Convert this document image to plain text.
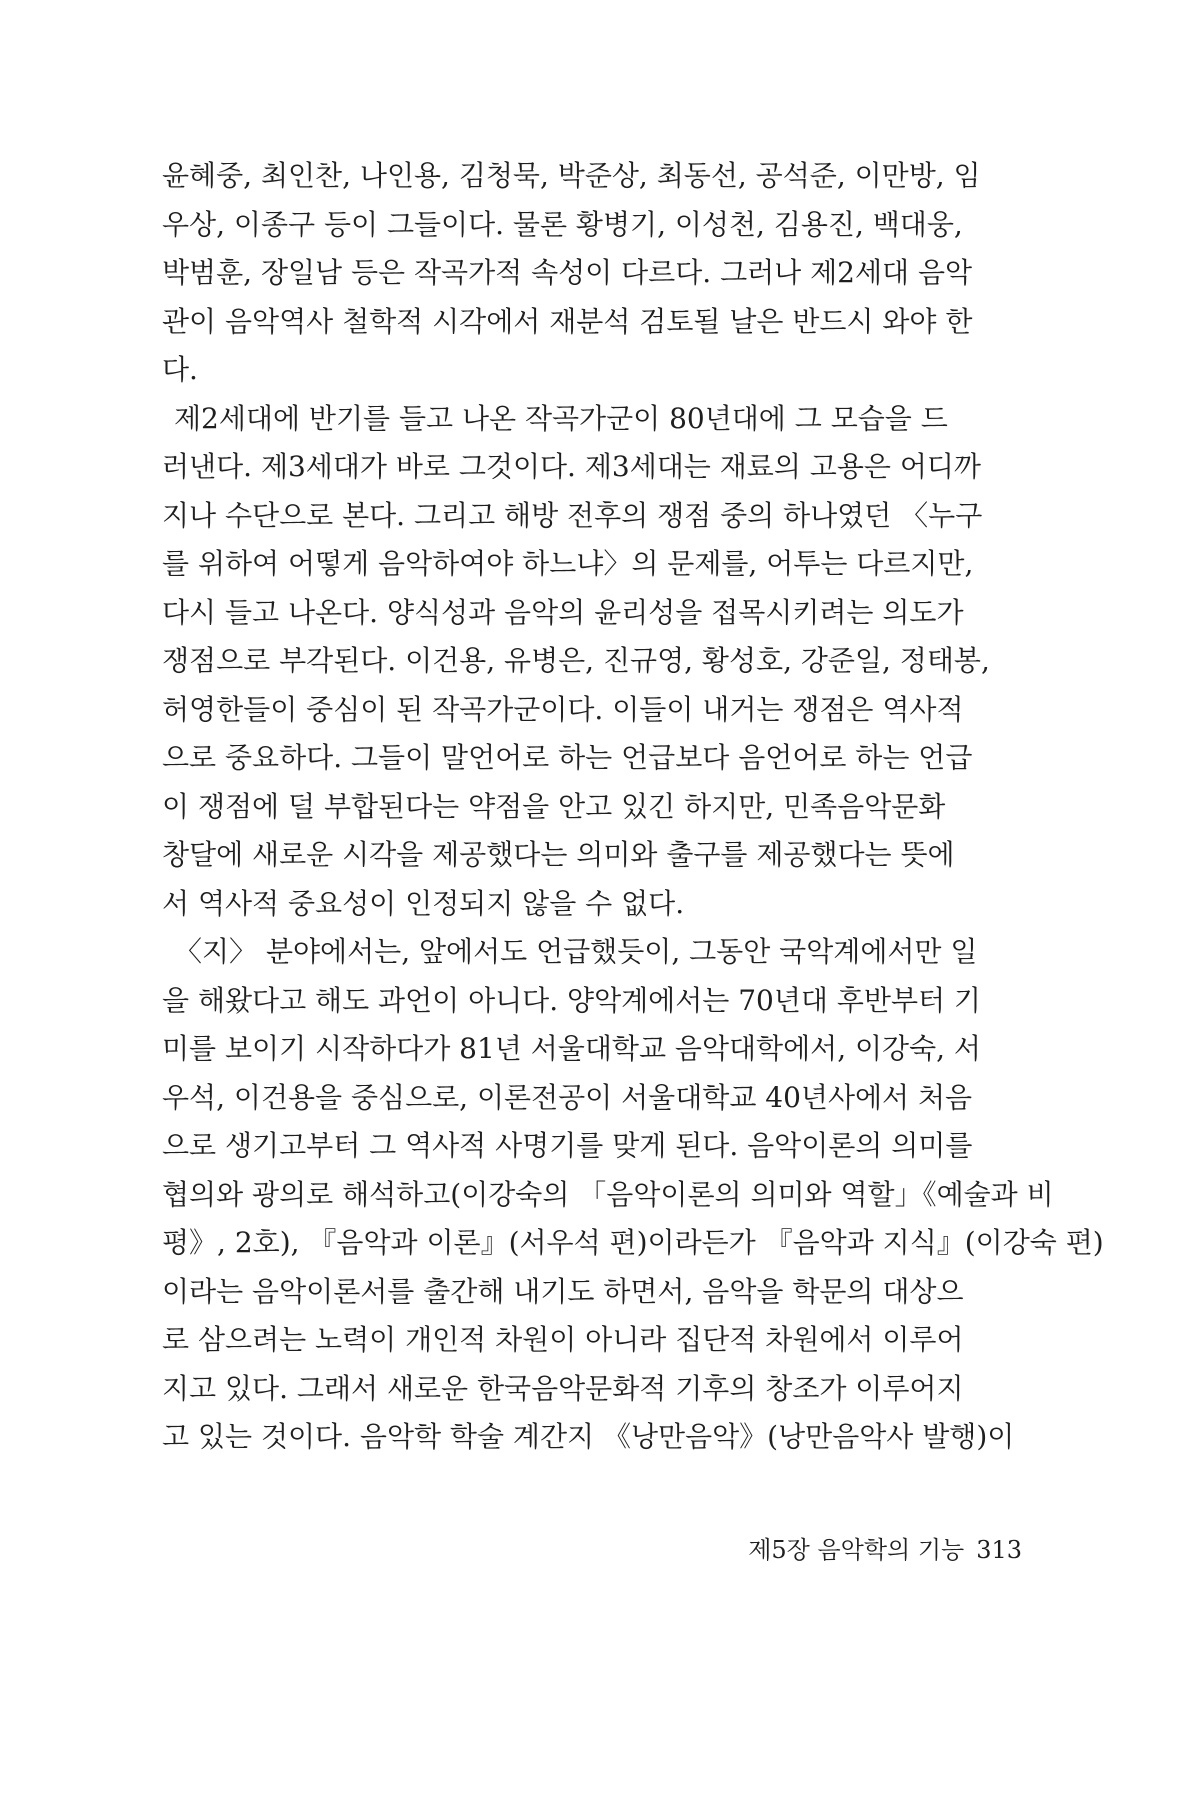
윤혜중, 최인찬, 나인용, 김청묵, 박준상, 최동선, 공석준, 이만방, 임
우상, 이종구 등이 그들이다. 물론 황병기, 이성천, 김용진, 백대웅,
박범훈, 장일남 등은 작곡가적 속성이 다르다. 그러나 제2세대 음악
관이 음악역사 철학적 시각에서 재분석 검토될 날은 반드시 와야 한
다.
제2세대에 반기를 들고 나온 작곡가군이 80년대에 그 모습을 드
러낸다. 제3세대가 바로 그것이다. 제3세대는 재료의 고용은 어디까
지나 수단으로 본다. 그리고 해방 전후의 쟁점 중의 하나였던 〈누구
를 위하여 어떻게 음악하여야 하느냐〉의 문제를, 어투는 다르지만,
다시 들고 나온다. 양식성과 음악의 윤리성을 접목시키려는 의도가
쟁점으로 부각된다. 이건용, 유병은, 진규영, 황성호, 강준일, 정태봉,
허영한들이 중심이 된 작곡가군이다. 이들이 내거는 쟁점은 역사적
으로 중요하다. 그들이 말언어로 하는 언급보다 음언어로 하는 언급
이 쟁점에 덜 부합된다는 약점을 안고 있긴 하지만, 민족음악문화
창달에 새로운 시각을 제공했다는 의미와 출구를 제공했다는 뜻에
서 역사적 중요성이 인정되지 않을 수 없다.
〈지〉 분야에서는, 앞에서도 언급했듯이, 그동안 국악계에서만 일
을 해왔다고 해도 과언이 아니다. 양악계에서는 70년대 후반부터 기
미를 보이기 시작하다가 81년 서울대학교 음악대학에서, 이강숙, 서
우석, 이건용을 중심으로, 이론전공이 서울대학교 40년사에서 처음
으로 생기고부터 그 역사적 사명기를 맞게 된다. 음악이론의 의미를
협의와 광의로 해석하고(이강숙의 「음악이론의 의미와 역할」《예술과 비
평》, 2호), 『음악과 이론』(서우석 편)이라든가 『음악과 지식』(이강숙 편)
이라는 음악이론서를 출간해 내기도 하면서, 음악을 학문의 대상으
로 삼으려는 노력이 개인적 차원이 아니라 집단적 차원에서 이루어
지고 있다. 그래서 새로운 한국음악문화적 기후의 창조가 이루어지
고 있는 것이다. 음악학 학술 계간지 《낭만음악》(낭만음악사 발행)이
제5장 음악학의 기능 313
